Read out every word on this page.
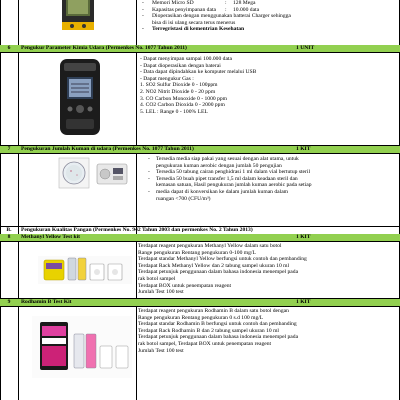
-	Memori Micro SD	:	128 Mega
-	Kapasitas penyimpanan data	:	10.000 data
-	Dioperasikan dengan menggunakan batterai Charger sehingga
bisa di isi ulang secara terus menerus
-	Terregristasi di kementrian Kesehatan
6	Pengukur Parameter Kimia Udara (Permenkes No. 1077 Tahun 2011)	1 UNIT
- Dapat menyimpan sampai 100.000 data
- Dapat dioperasikan dengan baterai
- Data dapat dipindahkan ke komputer melalui USB
- Dapat mengukur Gas :
1. SO2 Sulfur Dioxide 0 - 100ppm
2. NO2 Nitrit Dioxide 0 - 20 ppm
3. CO Carbon Monoxide 0 - 1000 ppm
4. CO2 Carbon Dioxida 0 - 2000 ppm
5. LEL : Range 0 - 100% LEL
7	Pengukuran Jumlah Kuman di udara (Permenkes No. 1077 Tahun 2011)	1 KIT
- Tersedia media siap pakai yang sesuai dengan alat utama, untuk
pengukuran kuman aerobic dengan jumlah 50 pengujian
- Tersedia 50 tabung cairan penghidrasi 1 ml dalam vial bertutup steril
- Tersedia 50 buah pipet transfer 1,5 ml dalam keadaan steril dan
kemasan satuan, Hasil pengukuran jumlah kuman aerobic pada setiap
- media dapat di konversikan ke dalam jumlah kuman dalam
ruangan <700 (CFU/m³)
B.	Pengukuran Kualitas Pangan (Permenkes No. 942 Tahun 2003 dan permenkes No. 2 Tahun 2013)
8	Methanyl Yellow Test kit	1 KIT
Terdapat reagent pengukuran Methanyl Yellow dalam satu botol
Range pengukuran Rentang pengukuran 0-100 mg/L
Terdapat standar Methanyl Yellow berfungsi untuk contoh dan pembanding
Terdapat Rack Methanyl Yellow dan 2 tabung sampel ukuran 10 ml
Terdapat petunjuk penggunaan dalam bahasa indonesia menempel pada
rak botol sampel
Terdapat BOX untuk penempatan reagent
Jumlah Test 100 test
9	Rodhamin B Test Kit	1 KIT
Terdapat reagent pengukuran Rodhamin B dalam satu botol dengan
Range pengukuran Rentang pengukuran 0 s.d 100 mg/L
Terdapat standar Rodhamin B berfungsi untuk contoh dan pembanding
Terdapat Rack Rodhamin B dan 2 tabung sampel ukuran 10 ml
Terdapat petunjuk penggunaan dalam bahasa indonesia menempel pada
rak botol sampel, Terdapat BOX untuk penempatan reagent
Jumlah Test 100 test
